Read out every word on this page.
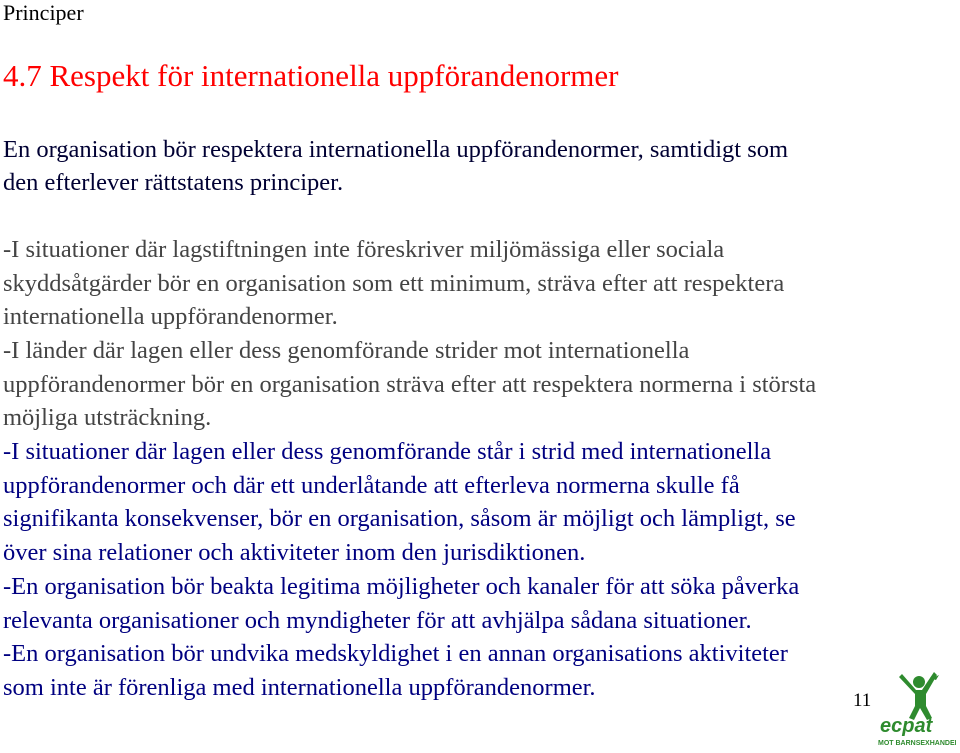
Principer
4.7 Respekt för internationella uppförandenormer

En organisation bör respektera internationella uppförandenormer, samtidigt som

den efterlever rättstatens principer.

-I situationer där lagstiftningen inte föreskriver miljömässiga eller sociala

skyddsåtgärder bör en organisation som ett minimum, sträva efter att respektera

internationella uppförandenormer.

-I länder där lagen eller dess genomförande strider mot internationella

uppförandenormer bör en organisation sträva efter att respektera normerna i största

möjliga utsträckning.

-I situationer där lagen eller dess genomförande står i strid med internationella

uppförandenormer och där ett underlåtande att efterleva normerna skulle få

signifikanta konsekvenser, bör en organisation, såsom är möjligt och lämpligt, se

över sina relationer och aktiviteter inom den jurisdiktionen.

-En organisation bör beakta legitima möjligheter och kanaler för att söka påverka

relevanta organisationer och myndigheter för att avhjälpa sådana situationer.

-En organisation bör undvika medskyldighet i en annan organisations aktiviteter

som inte är förenliga med internationella uppförandenormer.	11
ecpat
MOT BARNSEXHANDEL
